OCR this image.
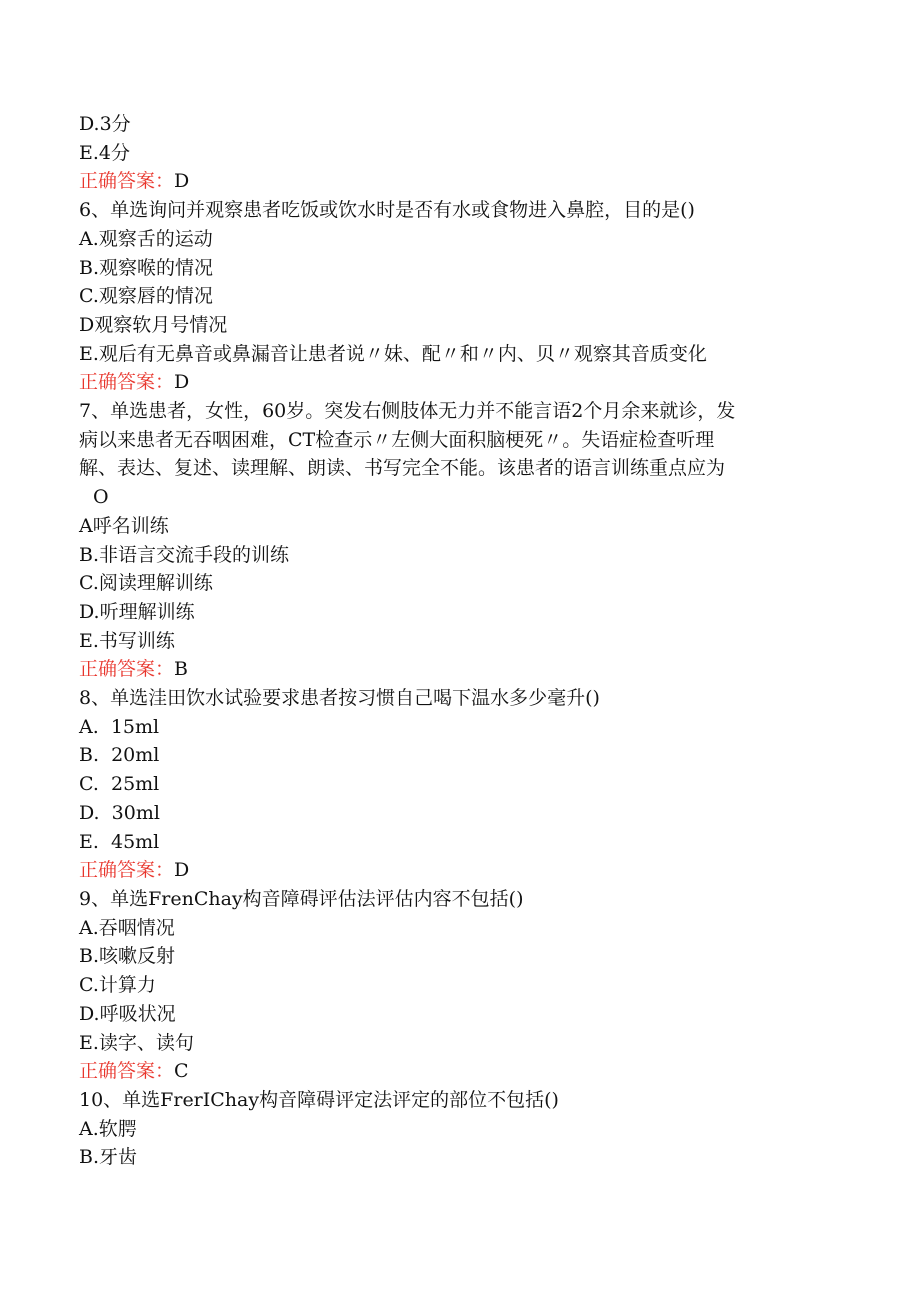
D.3分
E.4分
正确答案：D
6、单选询问并观察患者吃饭或饮水时是否有水或食物进入鼻腔，目的是()
A.观察舌的运动
B.观察喉的情况
C.观察唇的情况
D观察软月号情况
E.观后有无鼻音或鼻漏音让患者说〃妹、配〃和〃内、贝〃观察其音质变化
正确答案：D
7、单选患者，女性，60岁。突发右侧肢体无力并不能言语2个月余来就诊，发
病以来患者无吞咽困难，CT检查示〃左侧大面积脑梗死〃。失语症检查听理
解、表达、复述、读理解、朗读、书写完全不能。该患者的语言训练重点应为
O
A呼名训练
B.非语言交流手段的训练
C.阅读理解训练
D.听理解训练
E.书写训练
正确答案：B
8、单选洼田饮水试验要求患者按习惯自己喝下温水多少毫升()
A.  15ml
B.  20ml
C.  25ml
D.  30ml
E.  45ml
正确答案：D
9、单选FrenChay构音障碍评估法评估内容不包括()
A.吞咽情况
B.咳嗽反射
C.计算力
D.呼吸状况
E.读字、读句
正确答案：C
10、单选FrerIChay构音障碍评定法评定的部位不包括()
A.软腭
B.牙齿
